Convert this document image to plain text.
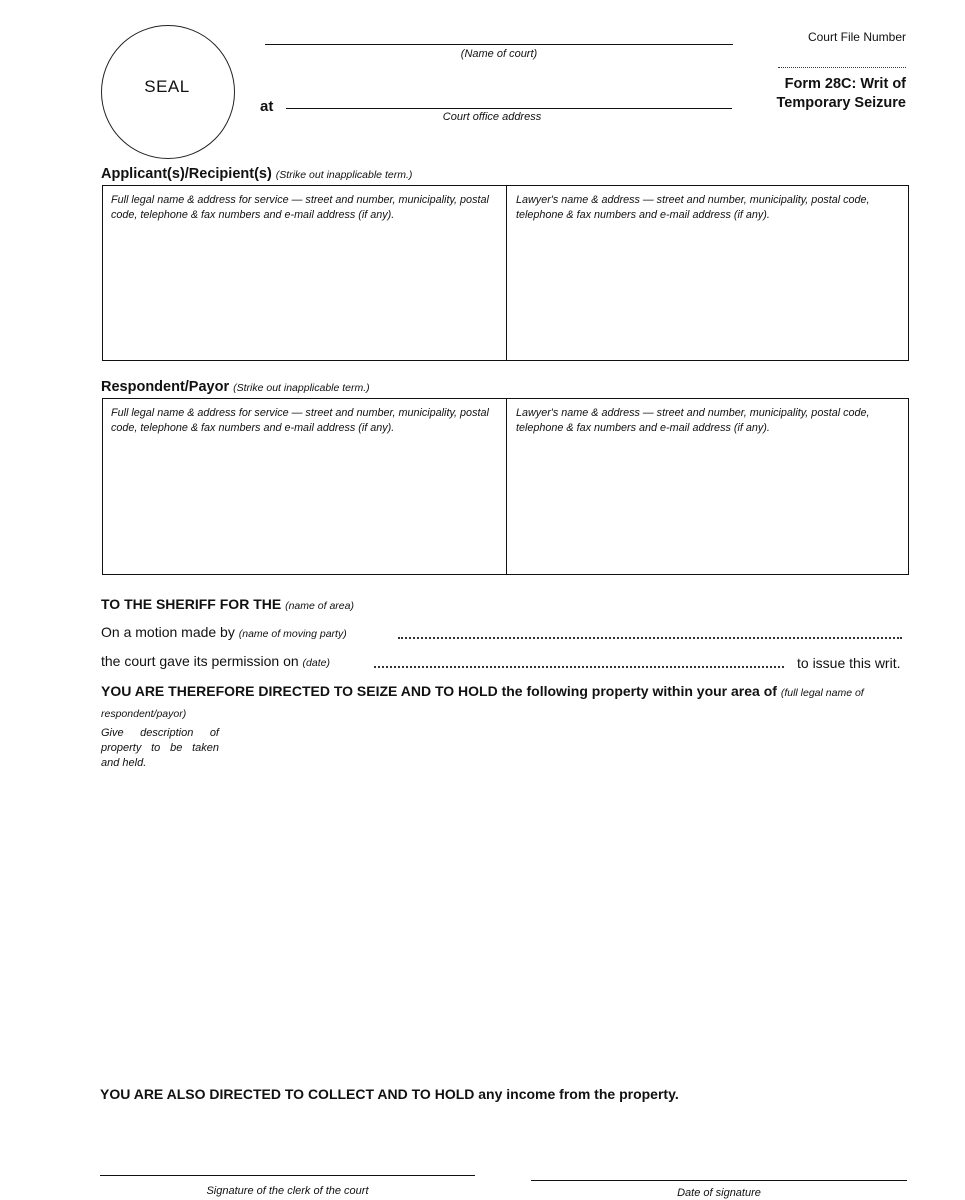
SEAL
(Name of court)
at
Court office address
Court File Number
Form 28C: Writ of
Temporary Seizure
Applicant(s)/Recipient(s) (Strike out inapplicable term.)
Full legal name & address for service — street and number, municipality, postal code, telephone & fax numbers and e-mail address (if any).
Lawyer's name & address — street and number, municipality, postal code, telephone & fax numbers and e-mail address (if any).
Respondent/Payor (Strike out inapplicable term.)
Full legal name & address for service — street and number, municipality, postal code, telephone & fax numbers and e-mail address (if any).
Lawyer's name & address — street and number, municipality, postal code, telephone & fax numbers and e-mail address (if any).
TO THE SHERIFF FOR THE (name of area)
On a motion made by (name of moving party)
the court gave its permission on (date)	to issue this writ.
YOU ARE THEREFORE DIRECTED TO SEIZE AND TO HOLD the following property within your area of (full legal name of respondent/payor)
Give description of property to be taken and held.
YOU ARE ALSO DIRECTED TO COLLECT AND TO HOLD any income from the property.
Signature of the clerk of the court	Date of signature
